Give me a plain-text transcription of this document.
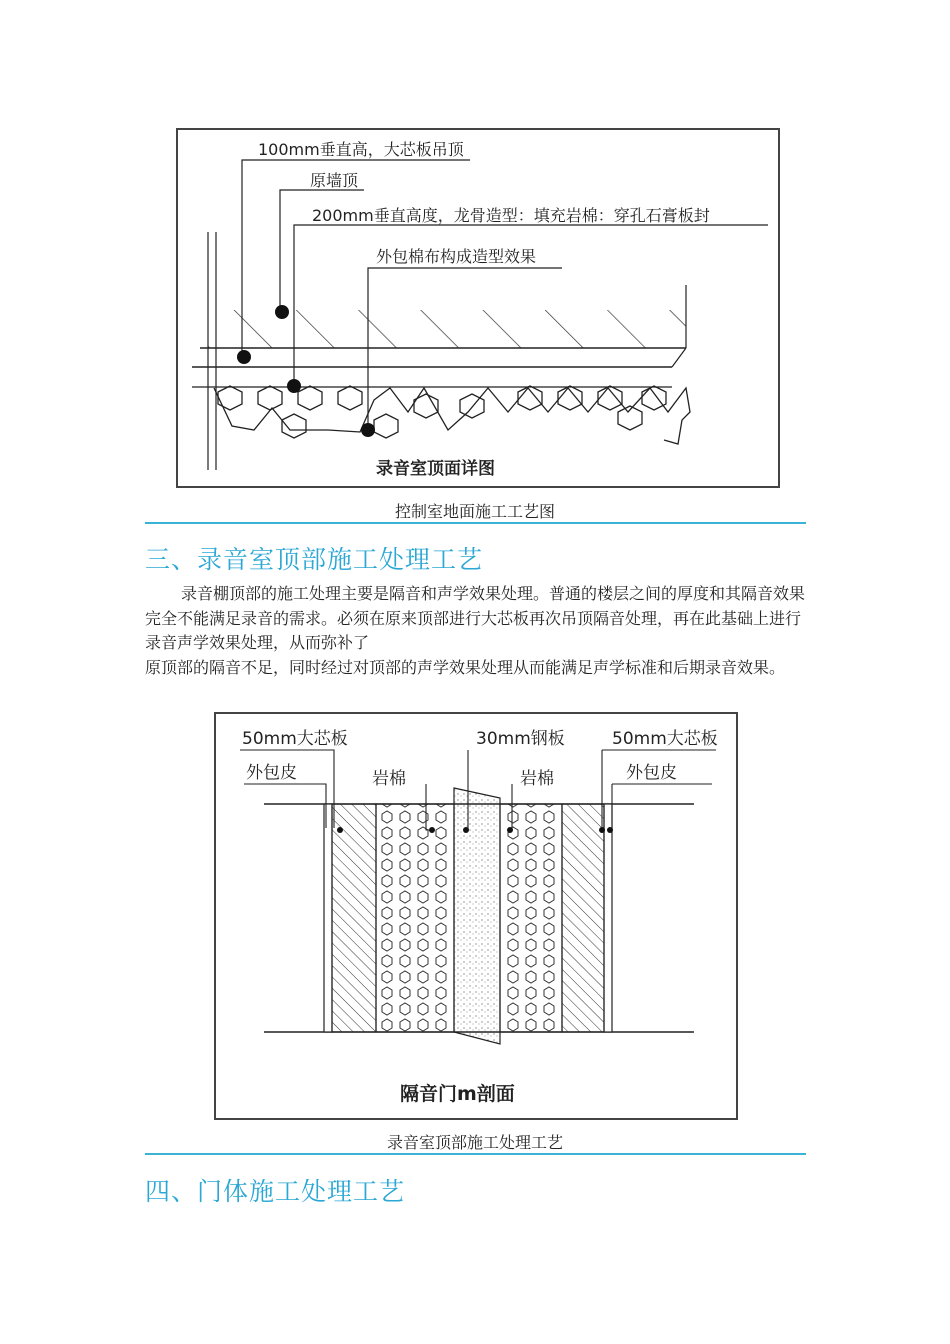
100mm垂直高，大芯板吊顶
原墙顶
200mm垂直高度，龙骨造型：填充岩棉：穿孔石膏板封
外包棉布构成造型效果
录音室顶面详图
控制室地面施工工艺图
三、录音室顶部施工处理工艺

录音棚顶部的施工处理主要是隔音和声学效果处理。普通的楼层之间的厚度和其隔音效果完全不能满足录音的需求。必须在原来顶部进行大芯板再次吊顶隔音处理，再在此基础上进行录音声学效果处理，从而弥补了

原顶部的隔音不足，同时经过对顶部的声学效果处理从而能满足声学标准和后期录音效果。

50mm大芯板
外包皮	岩棉
30mm钢板
岩棉
50mm大芯板
外包皮
隔音门m剖面
录音室顶部施工处理工艺
四、门体施工处理工艺
